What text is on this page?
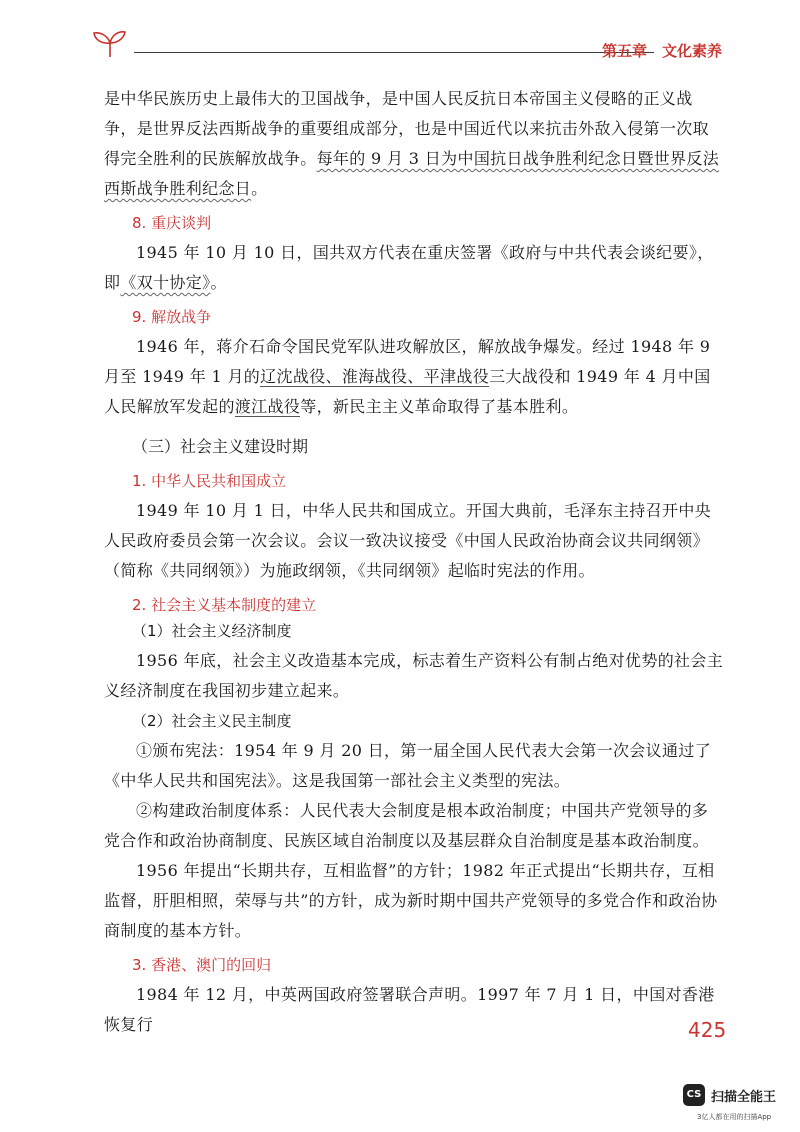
第五章　文化素养

是中华民族历史上最伟大的卫国战争，是中国人民反抗日本帝国主义侵略的正义战争，是世界反法西斯战争的重要组成部分，也是中国近代以来抗击外敌入侵第一次取得完全胜利的民族解放战争。每年的 9 月 3 日为中国抗日战争胜利纪念日暨世界反法西斯战争胜利纪念日。

8. 重庆谈判

1945 年 10 月 10 日，国共双方代表在重庆签署《政府与中共代表会谈纪要》，即《双十协定》。

9. 解放战争

1946 年，蒋介石命令国民党军队进攻解放区，解放战争爆发。经过 1948 年 9 月至 1949 年 1 月的辽沈战役、淮海战役、平津战役三大战役和 1949 年 4 月中国人民解放军发起的渡江战役等，新民主主义革命取得了基本胜利。

（三）社会主义建设时期
1. 中华人民共和国成立

1949 年 10 月 1 日，中华人民共和国成立。开国大典前，毛泽东主持召开中央人民政府委员会第一次会议。会议一致决议接受《中国人民政治协商会议共同纲领》（简称《共同纲领》）为施政纲领，《共同纲领》起临时宪法的作用。

2. 社会主义基本制度的建立
（1）社会主义经济制度

1956 年底，社会主义改造基本完成，标志着生产资料公有制占绝对优势的社会主义经济制度在我国初步建立起来。

（2）社会主义民主制度

①颁布宪法：1954 年 9 月 20 日，第一届全国人民代表大会第一次会议通过了《中华人民共和国宪法》。这是我国第一部社会主义类型的宪法。

②构建政治制度体系：人民代表大会制度是根本政治制度；中国共产党领导的多党合作和政治协商制度、民族区域自治制度以及基层群众自治制度是基本政治制度。

1956 年提出“长期共存，互相监督”的方针；1982 年正式提出“长期共存，互相监督，肝胆相照，荣辱与共”的方针，成为新时期中国共产党领导的多党合作和政治协商制度的基本方针。

3. 香港、澳门的回归

1984 年 12 月，中英两国政府签署联合声明。1997 年 7 月 1 日，中国对香港恢复行	425
CS 扫描全能王
3亿人都在用的扫描App
